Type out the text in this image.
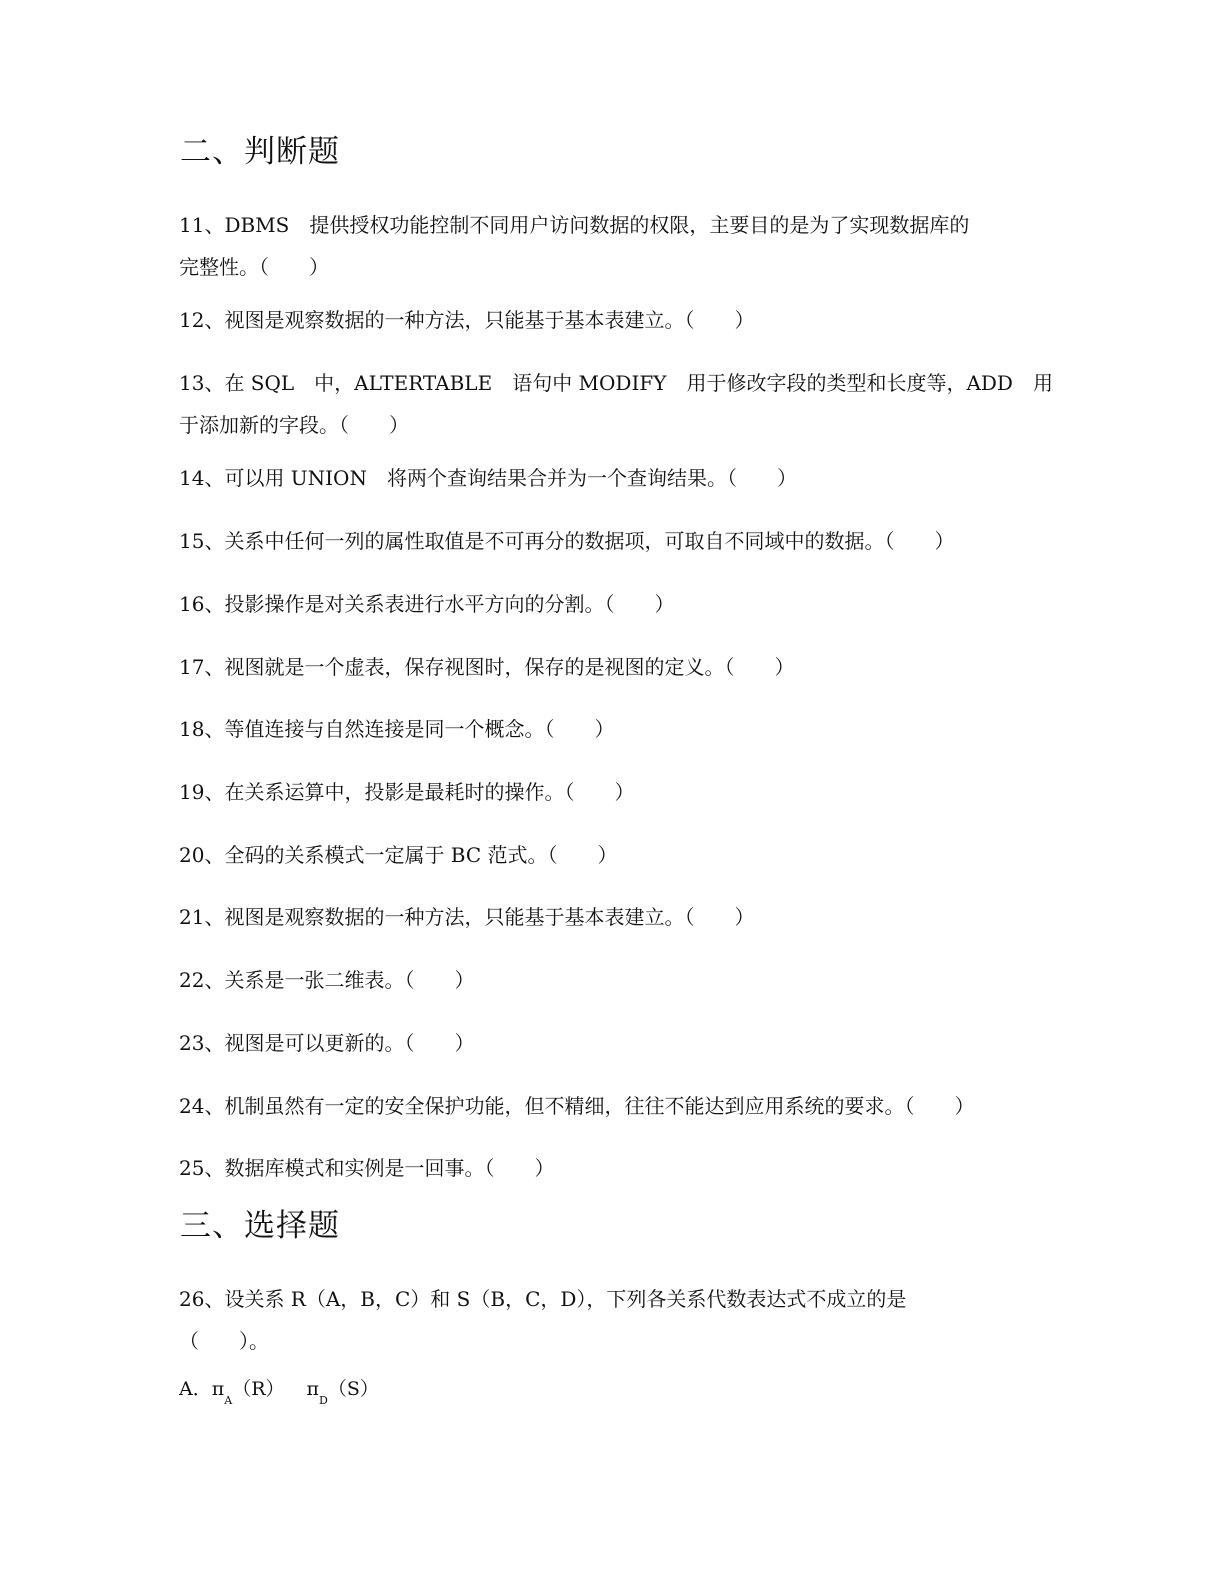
二、判断题
11、DBMS　提供授权功能控制不同用户访问数据的权限，主要目的是为了实现数据库的
完整性。（　　）
12、视图是观察数据的一种方法，只能基于基本表建立。（　　）
13、在 SQL　中，ALTERTABLE　语句中 MODIFY　用于修改字段的类型和长度等，ADD　用
于添加新的字段。（　　）
14、可以用 UNION　将两个查询结果合并为一个查询结果。（　　）
15、关系中任何一列的属性取值是不可再分的数据项，可取自不同域中的数据。（　　）
16、投影操作是对关系表进行水平方向的分割。（　　）
17、视图就是一个虚表，保存视图时，保存的是视图的定义。（　　）
18、等值连接与自然连接是同一个概念。（　　）
19、在关系运算中，投影是最耗时的操作。（　　）
20、全码的关系模式一定属于 BC 范式。（　　）
21、视图是观察数据的一种方法，只能基于基本表建立。（　　）
22、关系是一张二维表。（　　）
23、视图是可以更新的。（　　）
24、机制虽然有一定的安全保护功能，但不精细，往往不能达到应用系统的要求。（　　）
25、数据库模式和实例是一回事。（　　）
三、选择题
26、设关系 R（A，B，C）和 S（B，C，D），下列各关系代数表达式不成立的是
（　　）。
A．$\pi_A(R)$ $\pi_D(S)$
